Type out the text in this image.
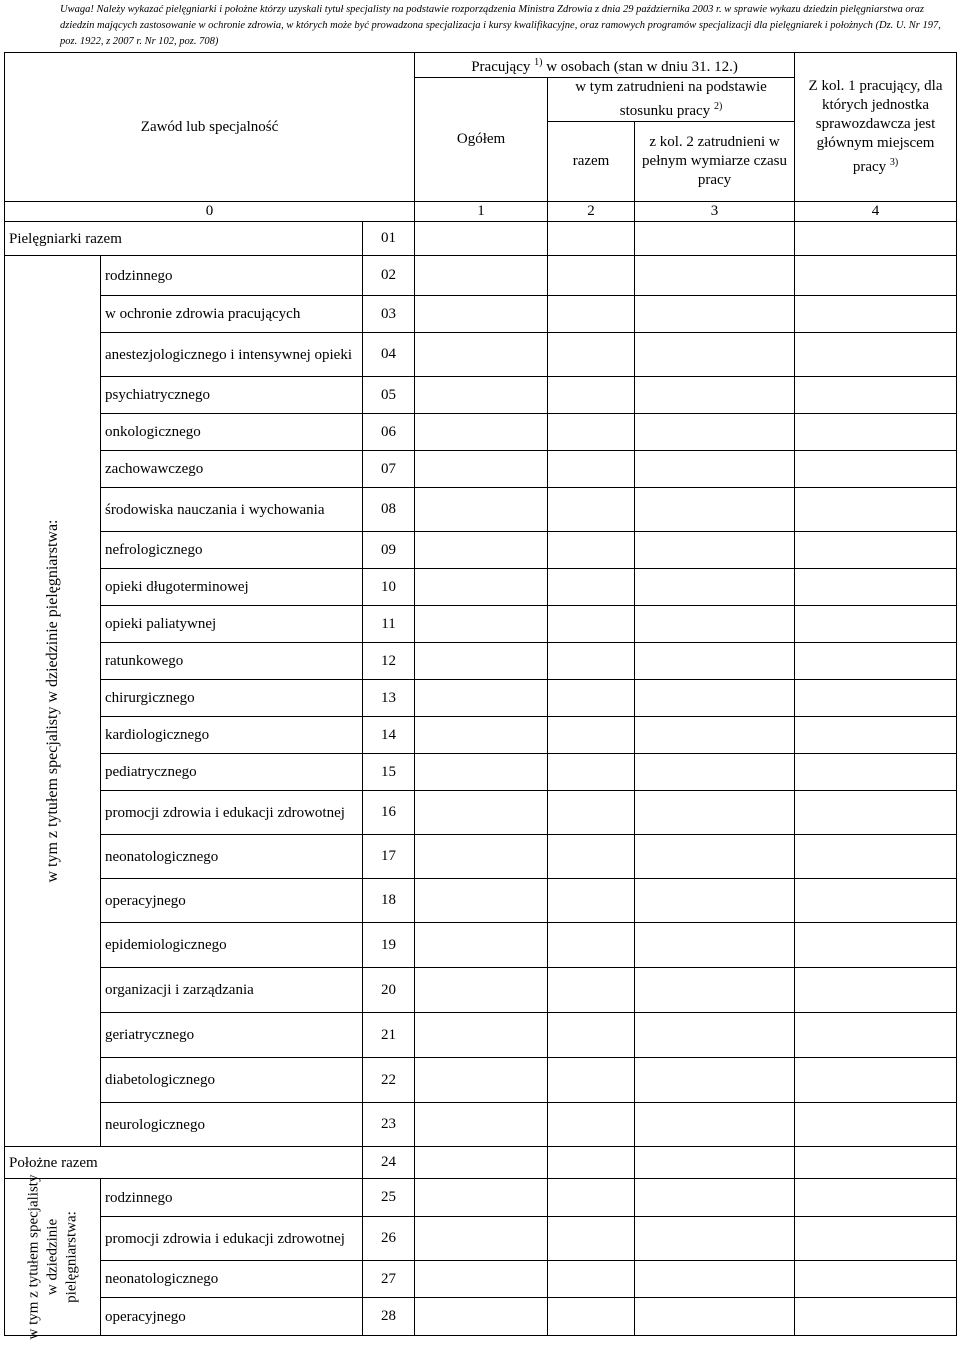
Uwaga! Należy wykazać pielęgniarki i położne którzy uzyskali tytuł specjalisty na podstawie rozporządzenia Ministra Zdrowia z dnia 29 października 2003 r. w sprawie wykazu dziedzin pielęgniarstwa oraz dziedzin mających zastosowanie w ochronie zdrowia, w których może być prowadzona specjalizacja i kursy kwalifikacyjne, oraz ramowych programów specjalizacji dla pielęgniarek i położnych (Dz. U. Nr 197, poz. 1922, z 2007 r. Nr 102, poz. 708)
Zawód lub specjalność			Pracujący $^{1)}$ w osobach (stan w dniu 31. 12.)			Z kol. 1 pracujący, dla których jednostka sprawozdawcza jest głównym miejscem pracy $^{3)}$
			Ogółem	w tym zatrudnieni na podstawie stosunku pracy $^{2)}$
				razem	z kol. 2 zatrudnieni w pełnym wymiarze czasu pracy	

0			1	2	3	4
Pielęgniarki razem		01				

w tym z tytułem specjalisty w dziedzinie pielęgniarstwa:	rodzinnego	02				
	w ochronie zdrowia pracujących	03				
	anestezjologicznego i intensywnej opieki	04				
	psychiatrycznego	05				
	onkologicznego	06				
	zachowawczego	07				
	środowiska nauczania i wychowania	08				
	nefrologicznego	09				
	opieki długoterminowej	10				
	opieki paliatywnej	11				
	ratunkowego	12				
	chirurgicznego	13				
	kardiologicznego	14				
	pediatrycznego	15				
	promocji zdrowia i edukacji zdrowotnej	16				
	neonatologicznego	17				
	operacyjnego	18				
	epidemiologicznego	19				
	organizacji i zarządzania	20				
	geriatrycznego	21				
	diabetologicznego	22				
	neurologicznego	23				
Położne razem		24				

w tym z tytułem specjalisty w dziedzinie pielęgniarstwa:	rodzinnego	25				
	promocji zdrowia i edukacji zdrowotnej	26				
	neonatologicznego	27				
	operacyjnego	28				
